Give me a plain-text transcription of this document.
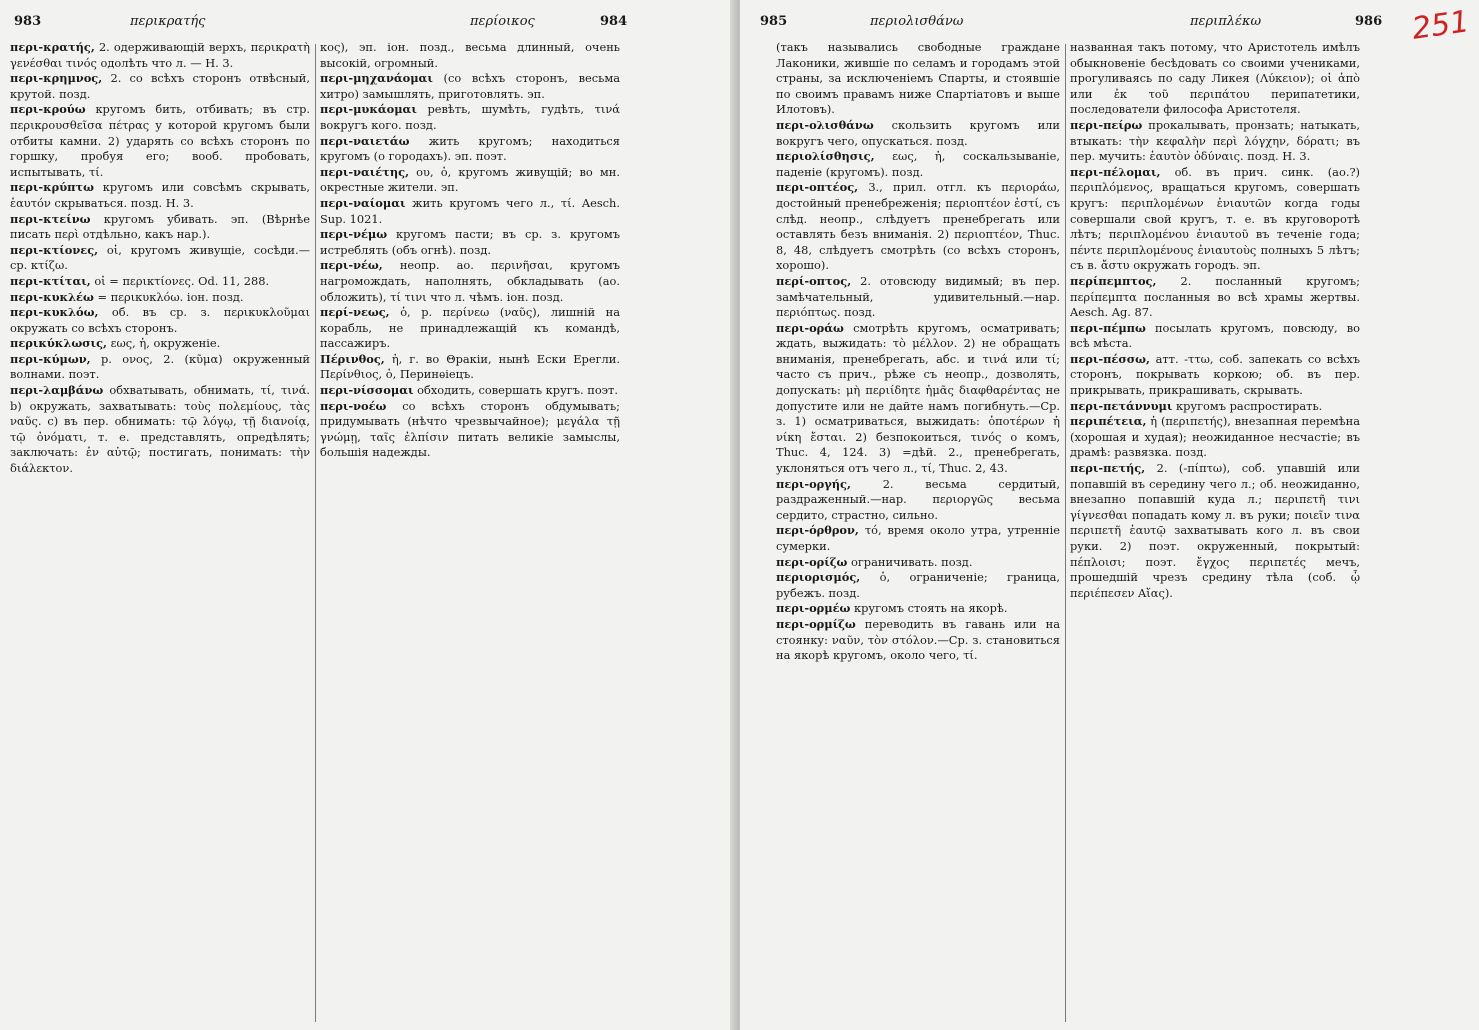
983	περικρατής	περίοικος	984
περι-κρατής, 2. одерживающій верхъ, περικρατὴ γενέσθαι τινός одолѣть что л. — Н. 3.
περι-κρημνος, 2. со всѣхъ сторонъ отвѣсный, крутой. позд.
περι-κρούω кругомъ бить, отбивать; въ стр. περικρουσθεῖσα πέτρας у которой кругомъ были отбиты камни. 2) ударять со всѣхъ сторонъ по горшку, пробуя его; вооб. пробовать, испытывать, τί.
περι-κρύπτω кругомъ или совсѣмъ скрывать, ἑαυτόν скрываться. позд. Н. 3.
περι-κτείνω кругомъ убивать. эп. (Вѣрнѣе писать περὶ отдѣльно, какъ нар.).
περι-κτίονες, οἱ, кругомъ живущіе, сосѣди.— ср. κτίζω.
περι-κτίται, οἱ = περικτίονες. Od. 11, 288.
περι-κυκλέω = περικυκλόω. іон. позд.
περι-κυκλόω, об. въ ср. з. περικυκλοῦμαι окружать со всѣхъ сторонъ.
περικύκλωσις, εως, ἡ, окруженіе.
περι-κύμων, р. ονος, 2. (κῦμα) окруженный волнами. поэт.
περι-λαμβάνω обхватывать, обнимать, τί, τινά. b) окружать, захватывать: τοὺς πολεμίους, τὰς ναῦς. c) въ пер. обнимать: τῷ λόγῳ, τῇ διανοίᾳ, τῷ ὀνόματι, т. е. представлять, опредѣлять; заключать: ἐν αὐτῷ; постигать, понимать: τὴν διάλεκτον.
κος), эп. іон. позд., весьма длинный, очень высокій, огромный.
περι-μηχανάομαι (со всѣхъ сторонъ, весьма хитро) замышлять, приготовлять. эп.
περι-μυκάομαι ревѣть, шумѣть, гудѣть, τινά вокругъ кого. позд.
περι-ναιετάω жить кругомъ; находиться кругомъ (о городахъ). эп. поэт.
περι-ναιέτης, ου, ὁ, кругомъ живущій; во мн. окрестные жители. эп.
περι-ναίομαι жить кругомъ чего л., τί. Aesch. Sup. 1021.
περι-νέμω кругомъ пасти; въ ср. з. кругомъ истреблять (объ огнѣ). позд.
περι-νέω, неопр. ао. περινῆσαι, кругомъ нагромождать, наполнять, обкладывать (ао. обложить), τί τινι что л. чѣмъ. іон. позд.
περί-νεως, ὁ, р. περίνεω (ναῦς), лишній на корабль, не принадлежащій къ командѣ, пассажиръ.
Πέρινθος, ἡ, г. во Θракіи, нынѣ Ески Ерегли. Περίνθιος, ὁ, Перинѳіецъ.
περι-νίσσομαι обходить, совершать кругъ. поэт.
περι-νοέω со всѣхъ сторонъ обдумывать; придумывать (нѣчто чрезвычайное); μεγάλα τῇ γνώμῃ, ταῖς ἐλπίσιν питать великіе замыслы, большія надежды.
985	περιολισθάνω	περιπλέκω	986 251
(такъ назывались свободные граждане Лаконики, жившіе по селамъ и городамъ этой страны, за исключеніемъ Спарты, и стоявшіе по своимъ правамъ ниже Спартіатовъ и выше Илотовъ).
περι-ολισθάνω скользить кругомъ или вокругъ чего, опускаться. позд.
περιολίσθησις, εως, ἡ, соскальзываніе, паденіе (кругомъ). позд.
περι-οπτέος, 3., прил. отгл. къ περιοράω, достойный пренебреженія; περιοπτέον ἐστί, съ слѣд. неопр., слѣдуетъ пренебрегать или оставлять безъ вниманія. 2) περιοπτέον, Thuc. 8, 48, слѣдуетъ смотрѣть (со всѣхъ сторонъ, хорошо).
περί-οπτος, 2. отовсюду видимый; въ пер. замѣчательный, удивительный.—нар. περιόπτως. позд.
περι-οράω смотрѣть кругомъ, осматривать; ждать, выжидать: τὸ μέλλον. 2) не обращать вниманія, пренебрегать, абс. и τινά или τί; часто съ прич., рѣже съ неопр., дозволять, допускать: μὴ περιίδητε ἡμᾶς διαφθαρέντας не допустите или не дайте намъ погибнуть.—Ср. з. 1) осматриваться, выжидать: ὁποτέρων ἡ νίκη ἔσται. 2) безпокоиться, τινός о комъ, Thuc. 4, 124. 3) =дѣй. 2., пренебрегать, уклоняться отъ чего л., τί, Thuc. 2, 43.
περι-οργής,	2. весьма сердитый, раздраженный.—нар. περιοργῶς весьма сердито, страстно, сильно.
περι-όρθρον, τό, время около утра, утренніе сумерки.
περι-ορίζω ограничивать. позд.
περιορισμός, ὁ, ограниченіе; граница, рубежъ. позд.
περι-ορμέω кругомъ стоять на якорѣ.
περι-ορμίζω переводить въ гавань или на стоянку: ναῦν, τὸν στόλον.—Ср. з. становиться на якорѣ кругомъ, около чего, τί.
названная такъ потому, что Аристотель имѣлъ обыкновеніе бесѣдовать со своими учениками, прогуливаясь по саду Ликея (Λύκειον); οἱ ἀπὸ или ἐκ τοῦ περιπάτου перипатетики, последователи философа Аристотеля.
περι-πείρω прокалывать, пронзать; натыкать, втыкать: τὴν κεφαλὴν περὶ λόγχην, δόρατι; въ пер. мучить: ἑαυτὸν ὀδύναις. позд. Н. 3.
περι-πέλομαι, об. въ прич. синк. (ао.?) περιπλόμενος, вращаться кругомъ, совершать кругъ: περιπλομένων ἐνιαυτῶν когда годы совершали свой кругъ, т. е. въ круговоротѣ лѣтъ; περιπλομένου ἐνιαυτοῦ въ теченіе года; πέντε περιπλομένους ἐνιαυτοὺς полныхъ 5 лѣтъ; съ в. ἄστυ окружать городъ. эп.
περίπεμπτος, 2. посланный кругомъ; περίπεμπτα посланныя во всѣ храмы жертвы. Aesch. Ag. 87.
περι-πέμπω посылать кругомъ, повсюду, во всѣ мѣста.
περι-πέσσω, атт. -ττω, соб. запекать со всѣхъ сторонъ, покрывать коркою; об. въ пер. прикрывать, прикрашивать, скрывать.
περι-πετάννυμι кругомъ распростирать.
περιπέτεια, ἡ (περιπετής), внезапная перемѣна (хорошая и худая); неожиданное несчастіе; въ драмѣ: развязка. позд.
περι-πετής, 2. (-πίπτω), соб. упавшій или попавшій въ середину чего л.; об. неожиданно, внезапно попавшій куда л.; περιπετῆ τινι γίγνεσθαι попадать кому л. въ руки; ποιεῖν τινα περιπετῆ ἑαυτῷ захватывать кого л. въ свои руки. 2) поэт. окруженный, покрытый: πέπλοισι; поэт. ἔγχος περιπετές мечъ, прошедшій чрезъ средину тѣла (соб. ᾧ περιέπεσεν Αἴας).
